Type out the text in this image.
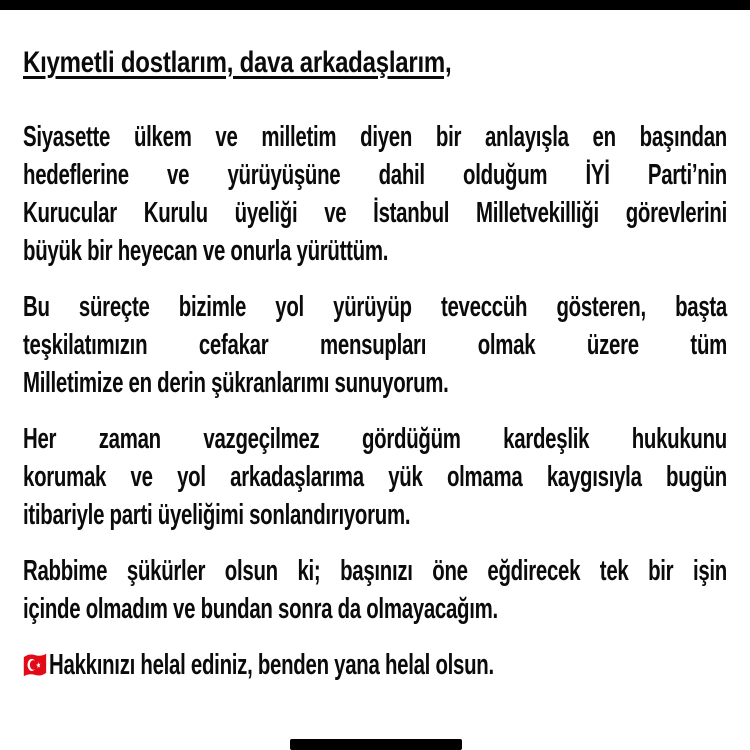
Kıymetli dostlarım, dava arkadaşlarım,
Siyasette ülkem ve milletim diyen bir anlayışla en başından
hedeflerine ve yürüyüşüne dahil olduğum İYİ Parti’nin
Kurucular Kurulu üyeliği ve İstanbul Milletvekilliği görevlerini
büyük bir heyecan ve onurla yürüttüm.
Bu süreçte bizimle yol yürüyüp teveccüh gösteren, başta
teşkilatımızın cefakar mensupları olmak üzere tüm
Milletimize en derin şükranlarımı sunuyorum.
Her zaman vazgeçilmez gördüğüm kardeşlik hukukunu
korumak ve yol arkadaşlarıma yük olmama kaygısıyla bugün
itibariyle parti üyeliğimi sonlandırıyorum.
Rabbime şükürler olsun ki; başınızı öne eğdirecek tek bir işin
içinde olmadım ve bundan sonra da olmayacağım.
Hakkınızı helal ediniz, benden yana helal olsun.
